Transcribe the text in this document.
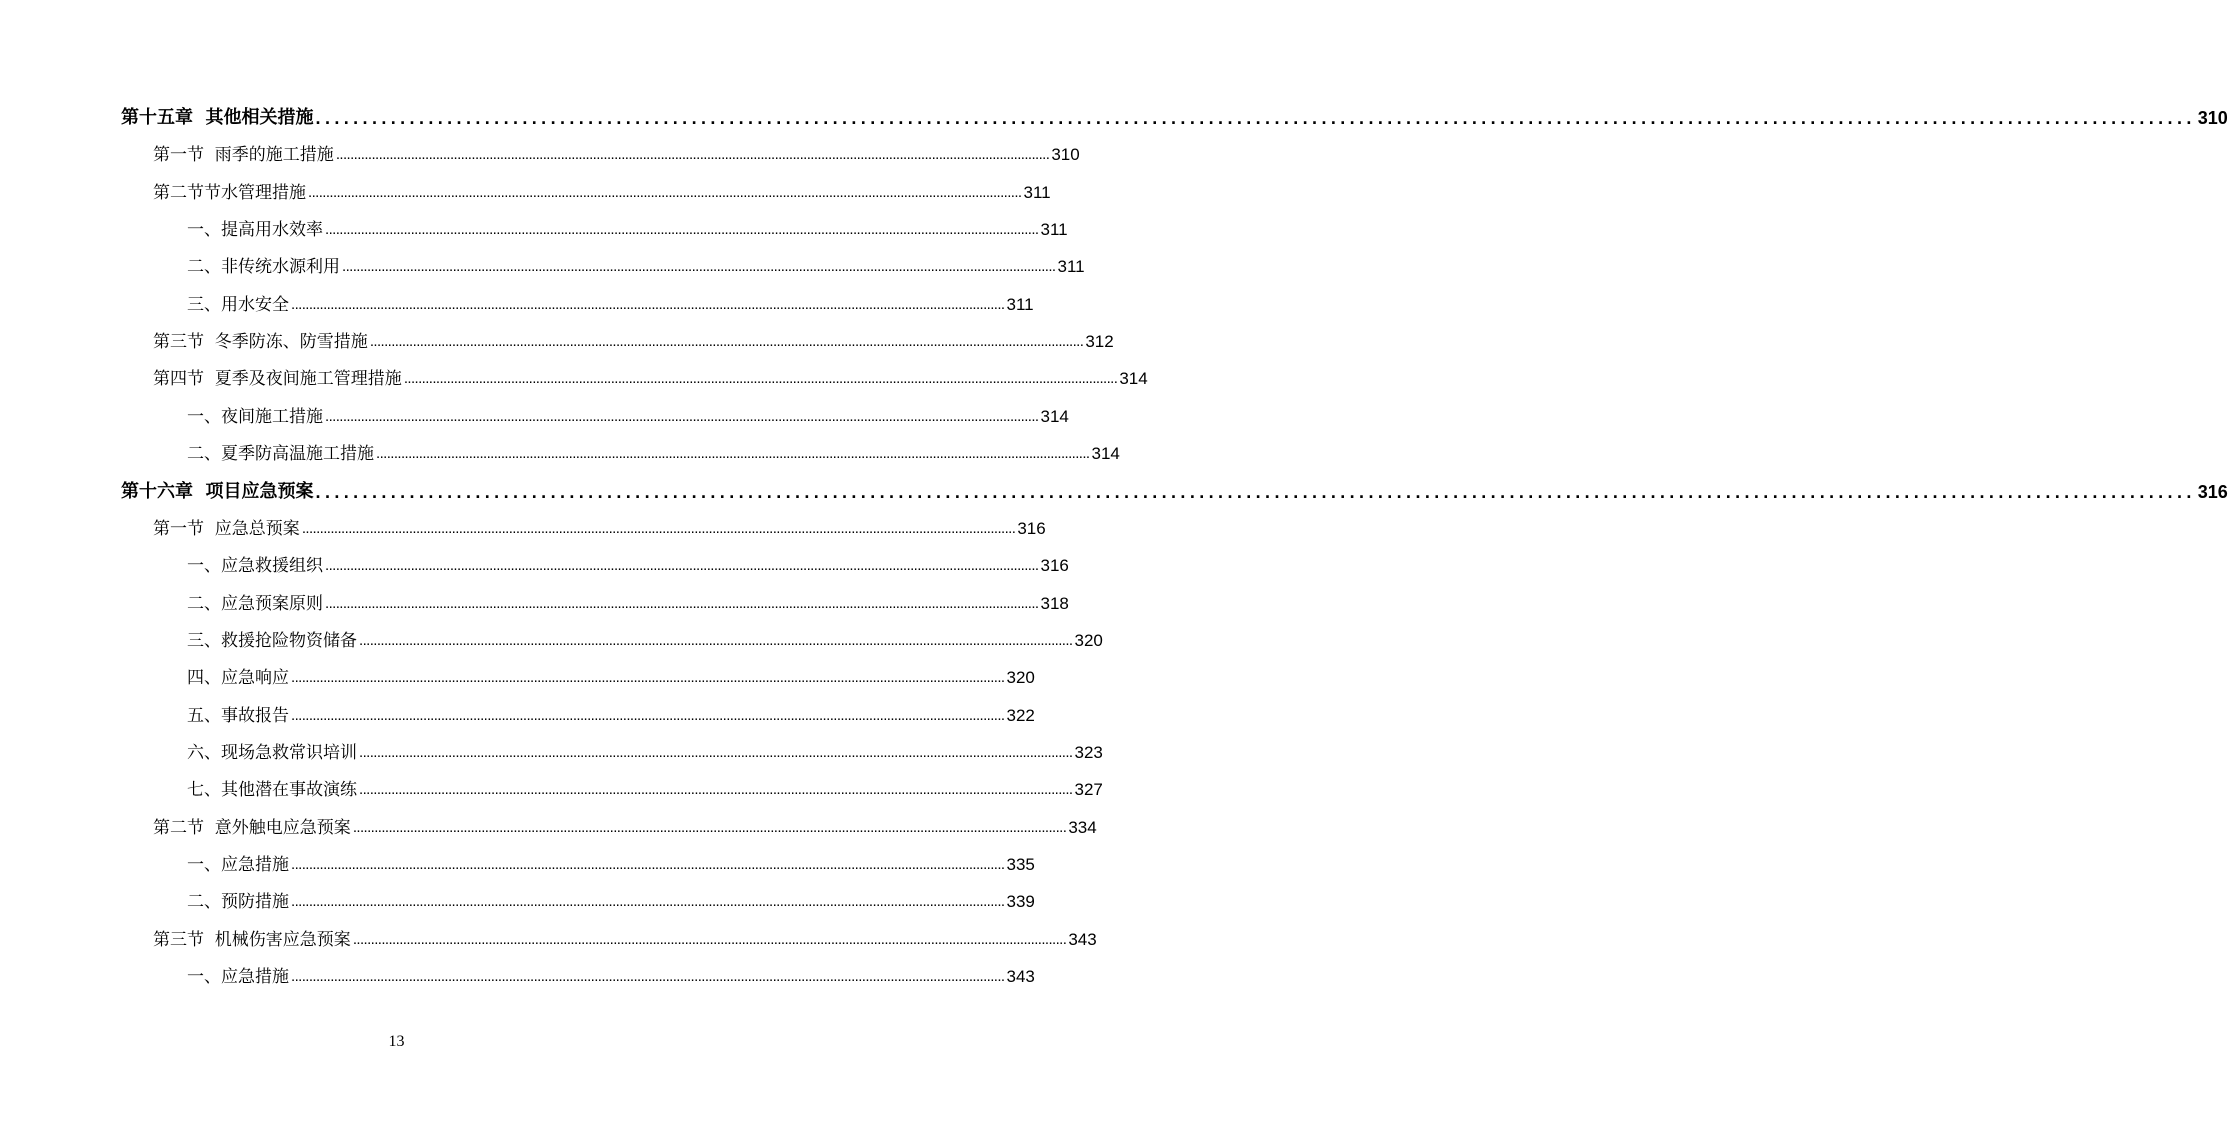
第十五章  其他相关措施 ........................................................................................................................................................................................................ 310
第一节  雨季的施工措施 ........................................................................................................................................................................................................ 310
第二节节水管理措施 ........................................................................................................................................................................................................ 311
一、提高用水效率 ........................................................................................................................................................................................................ 311
二、非传统水源利用 ........................................................................................................................................................................................................ 311
三、用水安全 ........................................................................................................................................................................................................ 311
第三节  冬季防冻、防雪措施 ........................................................................................................................................................................................................ 312
第四节  夏季及夜间施工管理措施 ........................................................................................................................................................................................................ 314
一、夜间施工措施 ........................................................................................................................................................................................................ 314
二、夏季防高温施工措施 ........................................................................................................................................................................................................ 314
第十六章  项目应急预案 ........................................................................................................................................................................................................ 316
第一节  应急总预案 ........................................................................................................................................................................................................ 316
一、应急救援组织 ........................................................................................................................................................................................................ 316
二、应急预案原则 ........................................................................................................................................................................................................ 318
三、救援抢险物资储备 ........................................................................................................................................................................................................ 320
四、应急响应 ........................................................................................................................................................................................................ 320
五、事故报告 ........................................................................................................................................................................................................ 322
六、现场急救常识培训 ........................................................................................................................................................................................................ 323
七、其他潜在事故演练 ........................................................................................................................................................................................................ 327
第二节  意外触电应急预案 ........................................................................................................................................................................................................ 334
一、应急措施 ........................................................................................................................................................................................................ 335
二、预防措施 ........................................................................................................................................................................................................ 339
第三节  机械伤害应急预案 ........................................................................................................................................................................................................ 343
一、应急措施 ........................................................................................................................................................................................................ 343
13
